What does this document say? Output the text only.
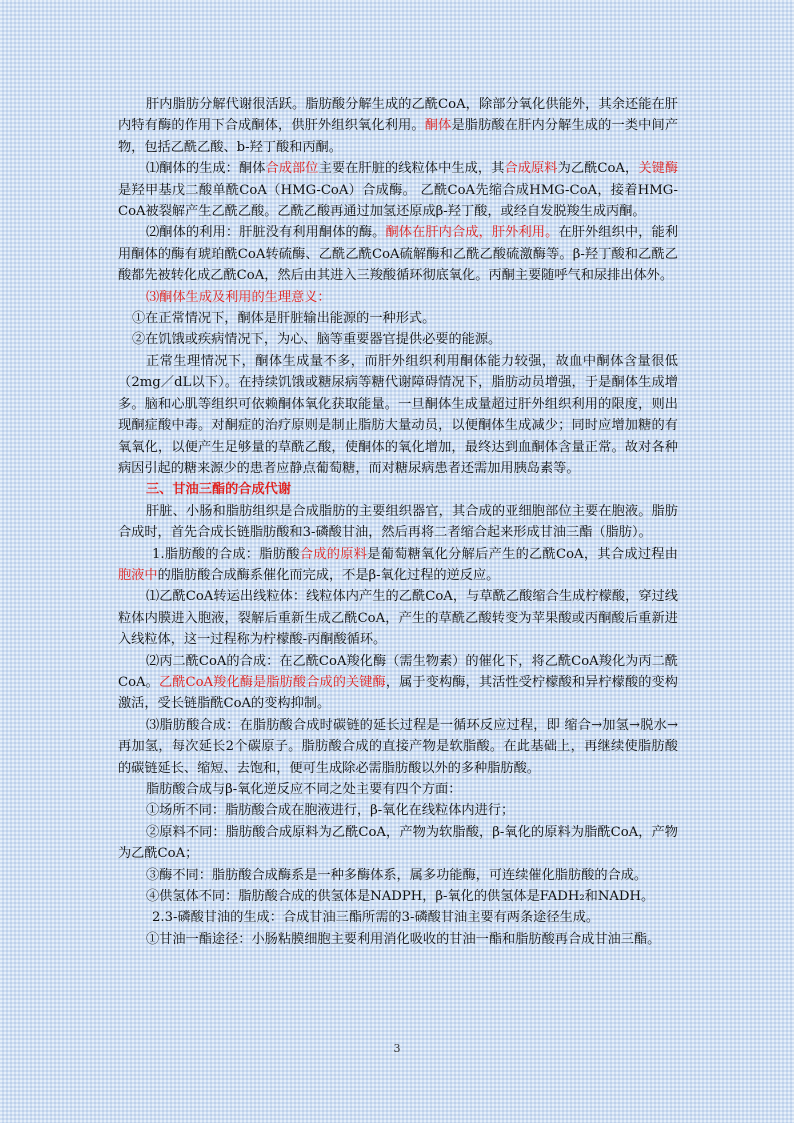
肝内脂肪分解代谢很活跃。脂肪酸分解生成的乙酰CoA，除部分氧化供能外，其余还能在肝内特有酶的作用下合成酮体，供肝外组织氧化利用。酮体是脂肪酸在肝内分解生成的一类中间产物，包括乙酰乙酸、b-羟丁酸和丙酮。

⑴酮体的生成：酮体合成部位主要在肝脏的线粒体中生成，其合成原料为乙酰CoA，关键酶是羟甲基戊二酸单酰CoA（HMG-CoA）合成酶。 乙酰CoA先缩合成HMG-CoA，接着HMG-CoA被裂解产生乙酰乙酸。乙酰乙酸再通过加氢还原成β-羟丁酸，或经自发脱羧生成丙酮。

⑵酮体的利用：肝脏没有利用酮体的酶。酮体在肝内合成，肝外利用。在肝外组织中，能利用酮体的酶有琥珀酰CoA转硫酶、乙酰乙酰CoA硫解酶和乙酰乙酸硫激酶等。β-羟丁酸和乙酰乙酸都先被转化成乙酰CoA，然后由其进入三羧酸循环彻底氧化。丙酮主要随呼气和尿排出体外。

⑶酮体生成及利用的生理意义：

①在正常情况下，酮体是肝脏输出能源的一种形式。

②在饥饿或疾病情况下，为心、脑等重要器官提供必要的能源。

正常生理情况下，酮体生成量不多，而肝外组织利用酮体能力较强，故血中酮体含量很低（2mg／dL以下）。在持续饥饿或糖尿病等糖代谢障碍情况下，脂肪动员增强，于是酮体生成增多。脑和心肌等组织可依赖酮体氧化获取能量。一旦酮体生成量超过肝外组织利用的限度，则出现酮症酸中毒。对酮症的治疗原则是制止脂肪大量动员，以便酮体生成减少；同时应增加糖的有氧氧化，以便产生足够量的草酰乙酸，使酮体的氧化增加，最终达到血酮体含量正常。故对各种病因引起的糖来源少的患者应静点葡萄糖，而对糖尿病患者还需加用胰岛素等。

三、甘油三酯的合成代谢

肝脏、小肠和脂肪组织是合成脂肪的主要组织器官，其合成的亚细胞部位主要在胞液。脂肪合成时，首先合成长链脂肪酸和3-磷酸甘油，然后再将二者缩合起来形成甘油三酯（脂肪）。

1.脂肪酸的合成：脂肪酸合成的原料是葡萄糖氧化分解后产生的乙酰CoA，其合成过程由胞液中的脂肪酸合成酶系催化而完成，不是β-氧化过程的逆反应。

⑴乙酰CoA转运出线粒体：线粒体内产生的乙酰CoA，与草酰乙酸缩合生成柠檬酸，穿过线粒体内膜进入胞液，裂解后重新生成乙酰CoA，产生的草酰乙酸转变为苹果酸或丙酮酸后重新进入线粒体，这一过程称为柠檬酸-丙酮酸循环。

⑵丙二酰CoA的合成：在乙酰CoA羧化酶（需生物素）的催化下，将乙酰CoA羧化为丙二酰CoA。乙酰CoA羧化酶是脂肪酸合成的关键酶，属于变构酶，其活性受柠檬酸和异柠檬酸的变构激活，受长链脂酰CoA的变构抑制。

⑶脂肪酸合成：在脂肪酸合成时碳链的延长过程是一循环反应过程，即 缩合→加氢→脱水→再加氢，每次延长2个碳原子。脂肪酸合成的直接产物是软脂酸。在此基础上，再继续使脂肪酸的碳链延长、缩短、去饱和，便可生成除必需脂肪酸以外的多种脂肪酸。

脂肪酸合成与β-氧化逆反应不同之处主要有四个方面：

①场所不同：脂肪酸合成在胞液进行，β-氧化在线粒体内进行；

②原料不同：脂肪酸合成原料为乙酰CoA，产物为软脂酸，β-氧化的原料为脂酰CoA，产物为乙酰CoA；

③酶不同：脂肪酸合成酶系是一种多酶体系，属多功能酶，可连续催化脂肪酸的合成。

④供氢体不同：脂肪酸合成的供氢体是NADPH，β-氧化的供氢体是FADH₂和NADH。

2.3-磷酸甘油的生成：合成甘油三酯所需的3-磷酸甘油主要有两条途径生成。

①甘油一酯途径：小肠粘膜细胞主要利用消化吸收的甘油一酯和脂肪酸再合成甘油三酯。

3
